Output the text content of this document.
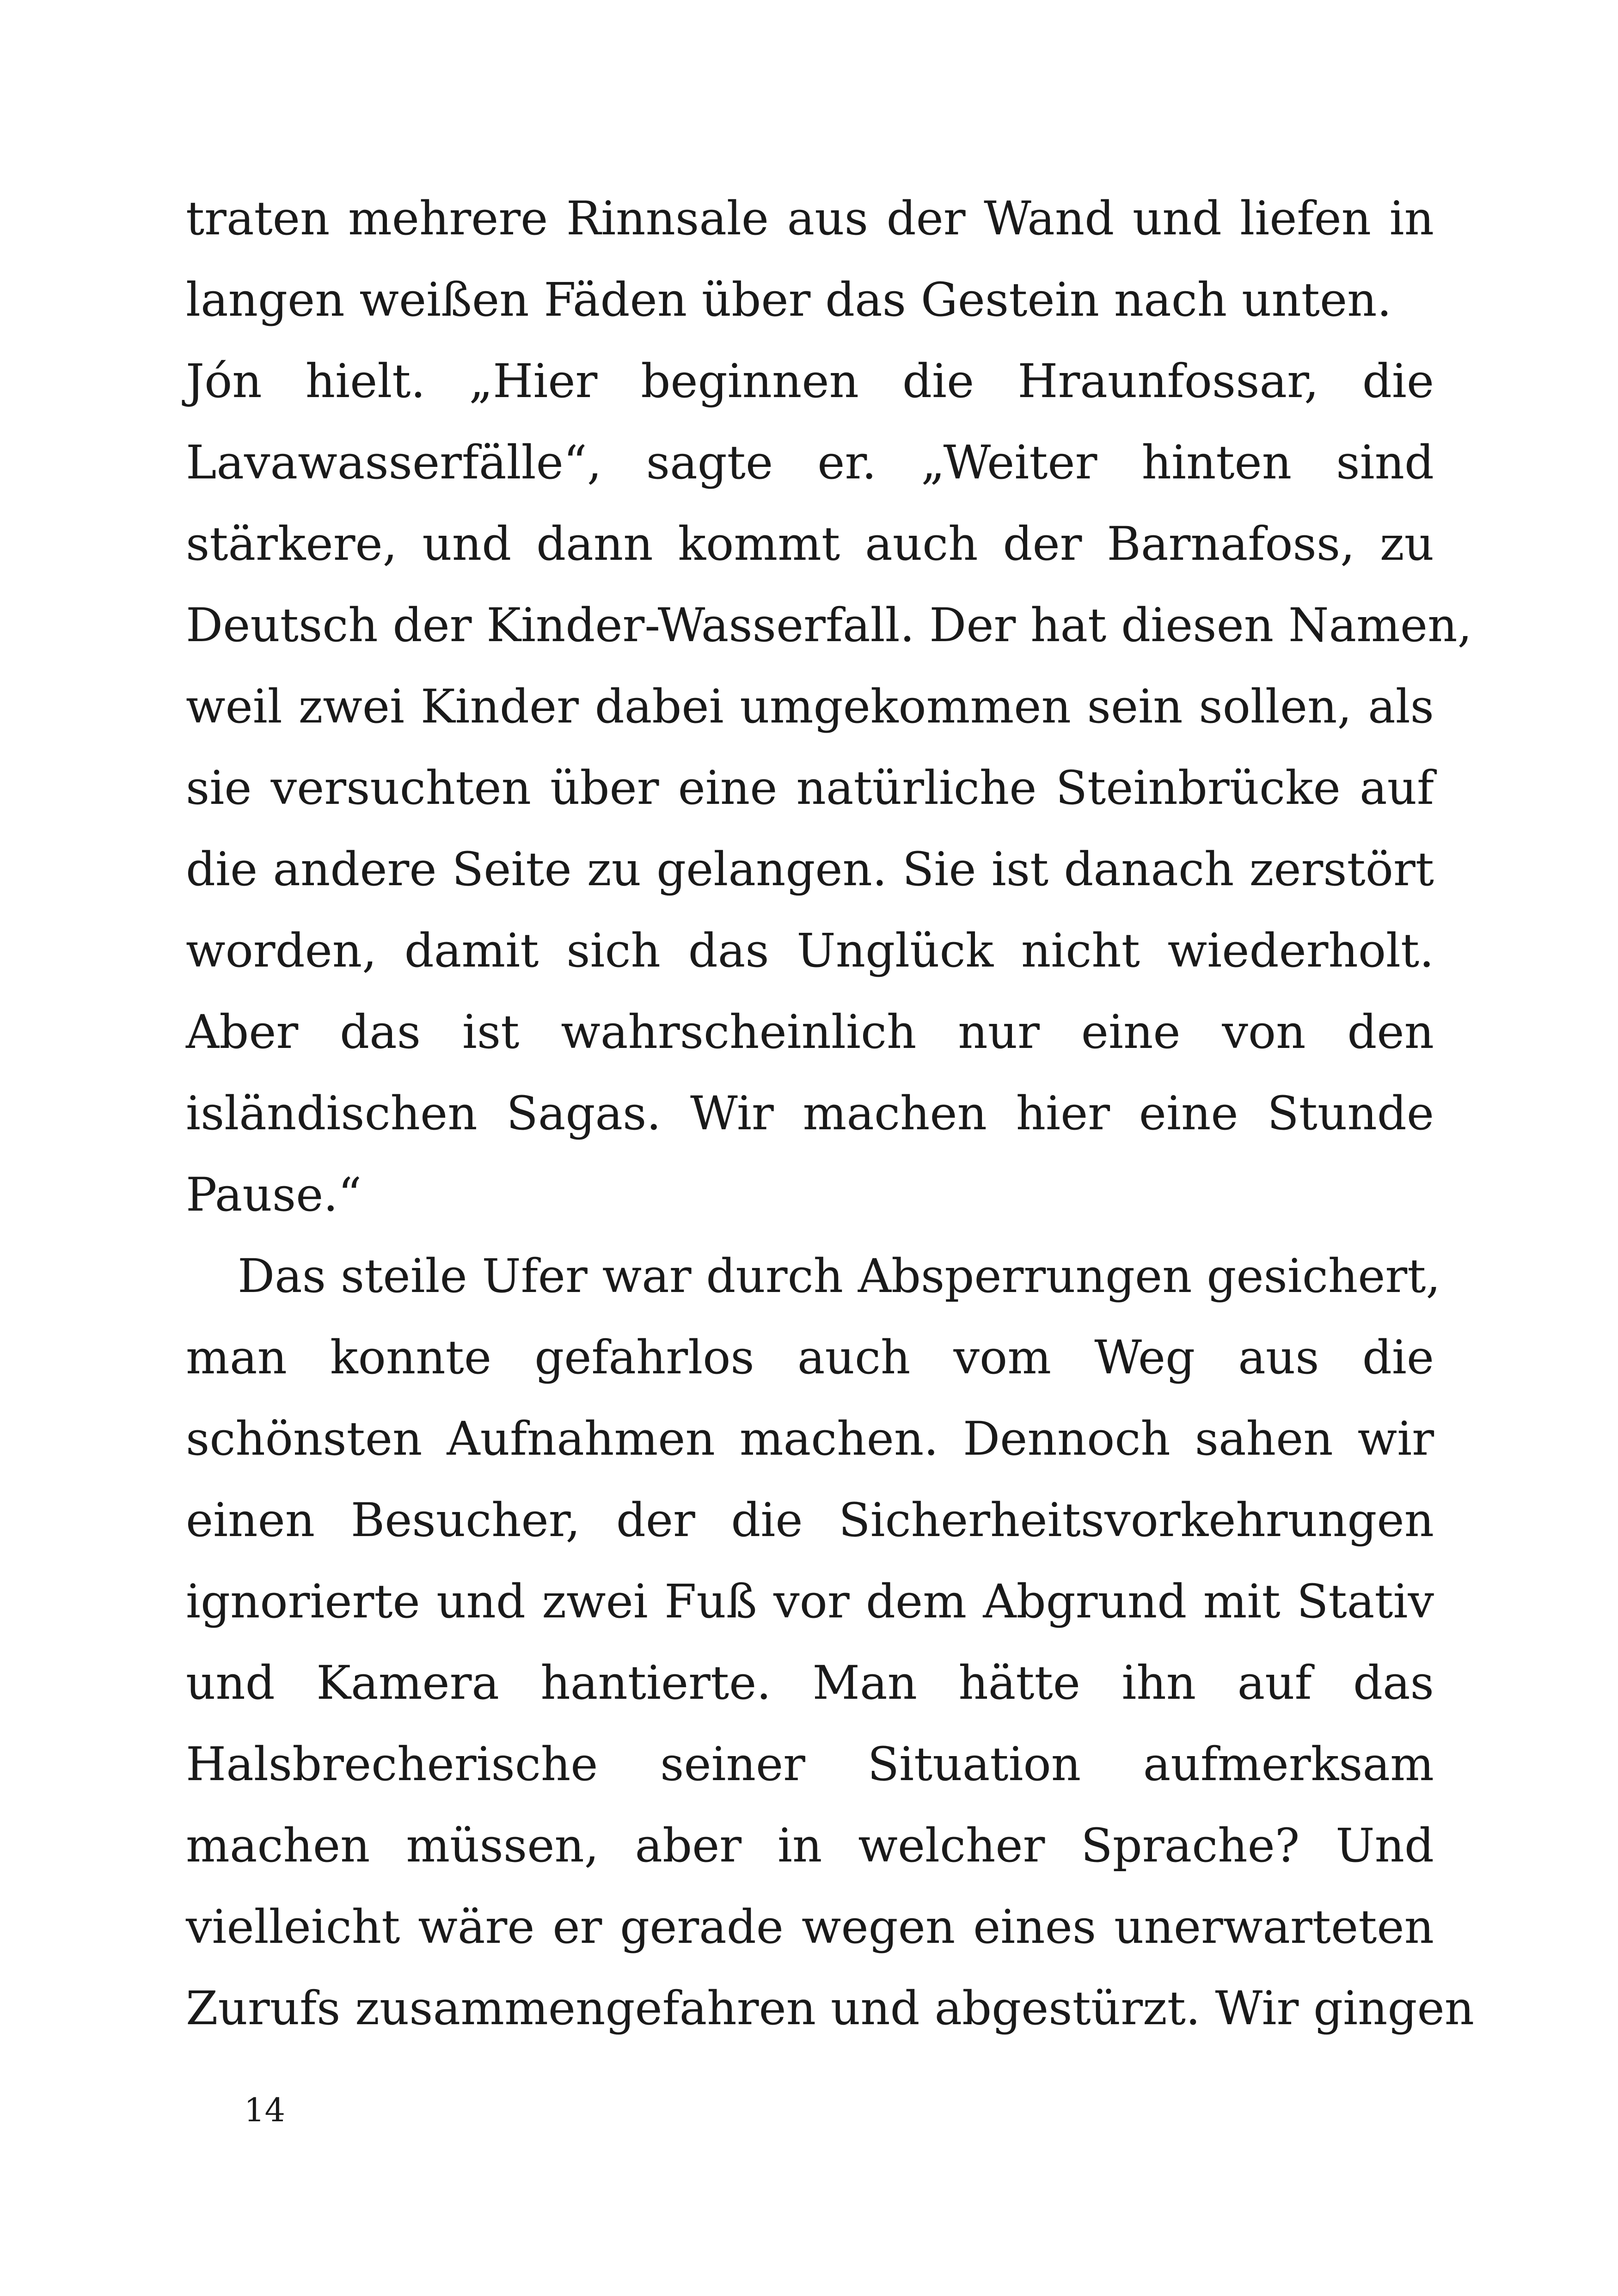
traten mehrere Rinnsale aus der Wand und liefen in
langen weißen Fäden über das Gestein nach unten.
Jón hielt. „Hier beginnen die Hraunfossar, die
Lavawasserfälle“, sagte er. „Weiter hinten sind
stärkere, und dann kommt auch der Barnafoss, zu
Deutsch der Kinder-Wasserfall. Der hat diesen Namen,
weil zwei Kinder dabei umgekommen sein sollen, als
sie versuchten über eine natürliche Steinbrücke auf
die andere Seite zu gelangen. Sie ist danach zerstört
worden, damit sich das Unglück nicht wiederholt.
Aber das ist wahrscheinlich nur eine von den
isländischen Sagas. Wir machen hier eine Stunde
Pause.“
Das steile Ufer war durch Absperrungen gesichert,
man konnte gefahrlos auch vom Weg aus die
schönsten Aufnahmen machen. Dennoch sahen wir
einen Besucher, der die Sicherheitsvorkehrungen
ignorierte und zwei Fuß vor dem Abgrund mit Stativ
und Kamera hantierte. Man hätte ihn auf das
Halsbrecherische seiner Situation aufmerksam
machen müssen, aber in welcher Sprache? Und
vielleicht wäre er gerade wegen eines unerwarteten
Zurufs zusammengefahren und abgestürzt. Wir gingen
14
